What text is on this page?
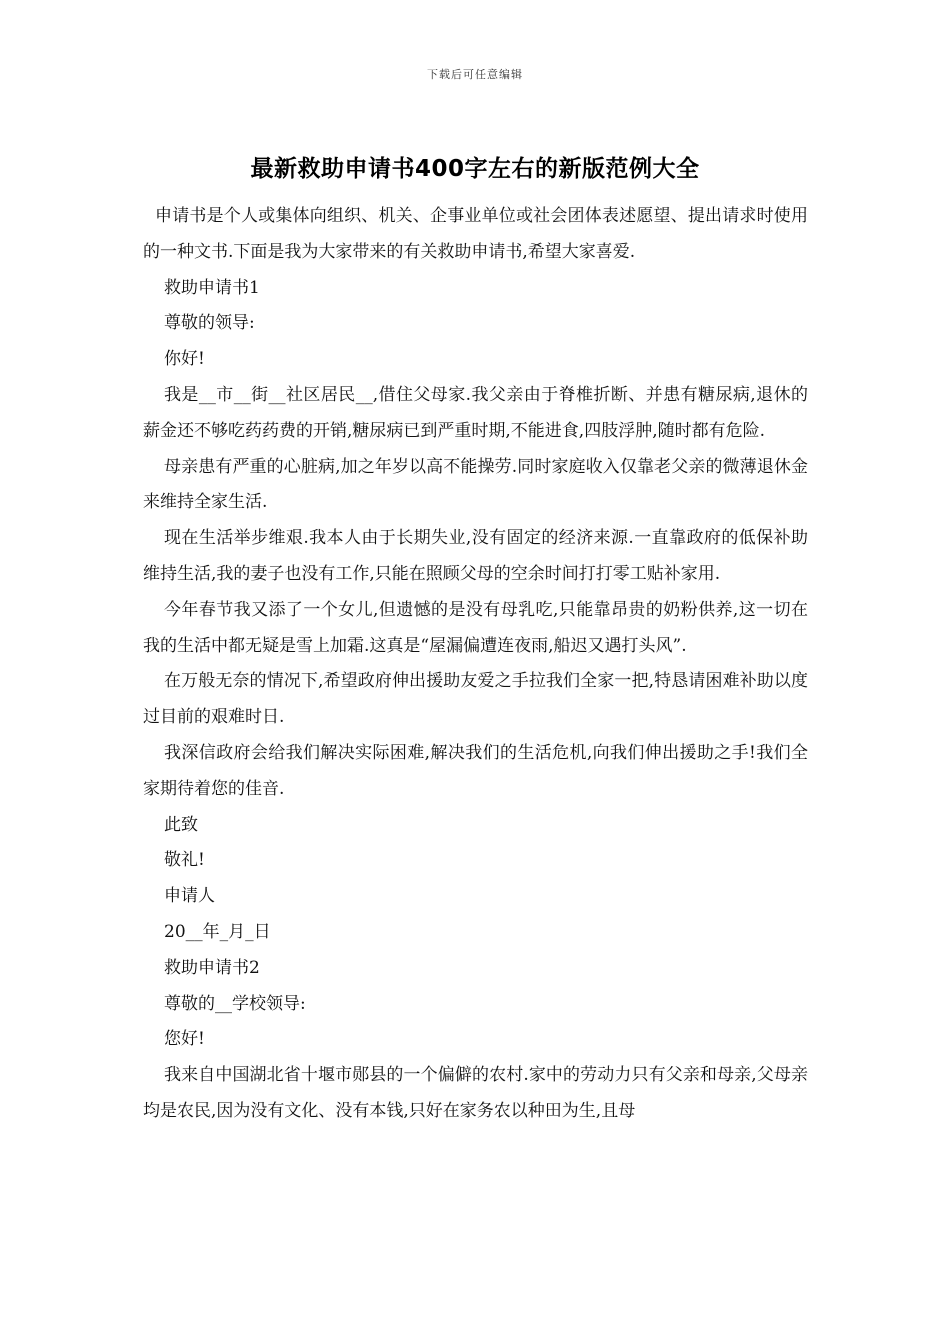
下载后可任意编辑
最新救助申请书400字左右的新版范例大全

申请书是个人或集体向组织、机关、企事业单位或社会团体表述愿望、提出请求时使用的一种文书.下面是我为大家带来的有关救助申请书,希望大家喜爱.

救助申请书1

尊敬的领导:

你好!

我是__市__街__社区居民__,借住父母家.我父亲由于脊椎折断、并患有糖尿病,退休的薪金还不够吃药药费的开销,糖尿病已到严重时期,不能进食,四肢浮肿,随时都有危险.

母亲患有严重的心脏病,加之年岁以高不能操劳.同时家庭收入仅靠老父亲的微薄退休金来维持全家生活.

现在生活举步维艰.我本人由于长期失业,没有固定的经济来源.一直靠政府的低保补助维持生活,我的妻子也没有工作,只能在照顾父母的空余时间打打零工贴补家用.

今年春节我又添了一个女儿,但遗憾的是没有母乳吃,只能靠昂贵的奶粉供养,这一切在我的生活中都无疑是雪上加霜.这真是“屋漏偏遭连夜雨,船迟又遇打头风”.

在万般无奈的情况下,希望政府伸出援助友爱之手拉我们全家一把,特恳请困难补助以度过目前的艰难时日.

我深信政府会给我们解决实际困难,解决我们的生活危机,向我们伸出援助之手!我们全家期待着您的佳音.

此致

敬礼!

申请人

20__年_月_日

救助申请书2

尊敬的__学校领导:

您好!

我来自中国湖北省十堰市郧县的一个偏僻的农村.家中的劳动力只有父亲和母亲,父母亲均是农民,因为没有文化、没有本钱,只好在家务农以种田为生,且母
